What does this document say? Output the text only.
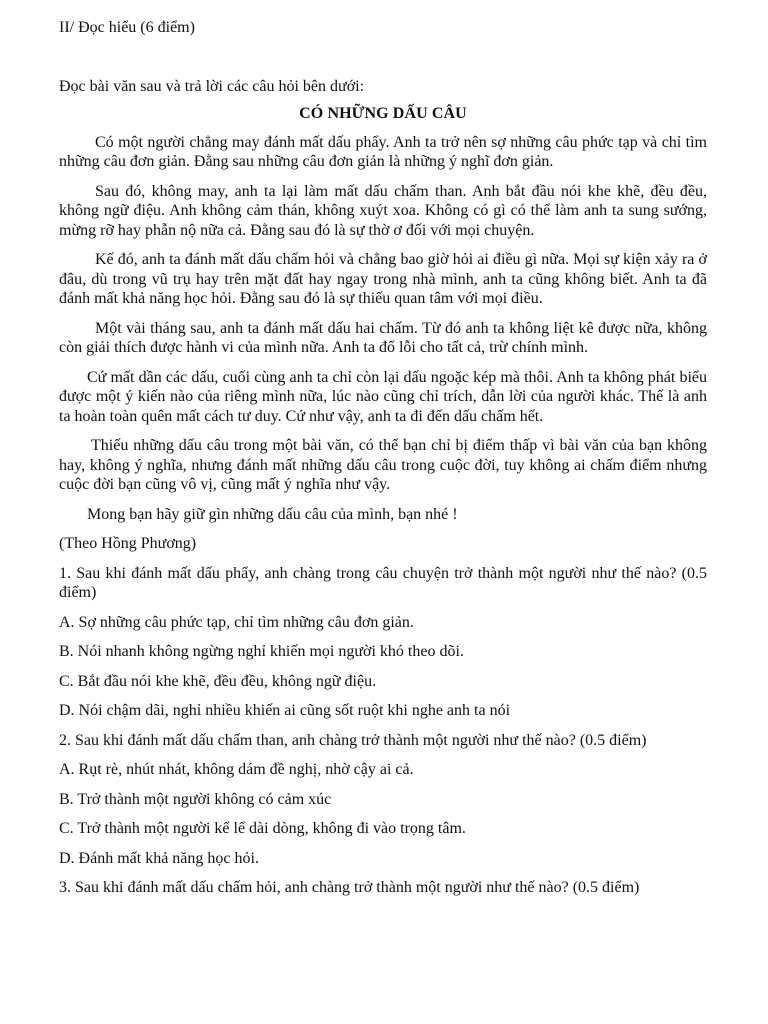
II/ Đọc hiểu (6 điểm)

Đọc bài văn sau và trả lời các câu hỏi bên dưới:

CÓ NHỮNG DẤU CÂU

Có một người chẳng may đánh mất dấu phẩy. Anh ta trở nên sợ những câu phức tạp và chỉ tìm những câu đơn giản. Đằng sau những câu đơn giản là những ý nghĩ đơn giản.

Sau đó, không may, anh ta lại làm mất dấu chấm than. Anh bắt đầu nói khe khẽ, đều đều, không ngữ điệu. Anh không cảm thán, không xuýt xoa. Không có gì có thể làm anh ta sung sướng, mừng rỡ hay phẫn nộ nữa cả. Đằng sau đó là sự thờ ơ đối với mọi chuyện.

Kế đó, anh ta đánh mất dấu chấm hỏi và chẳng bao giờ hỏi ai điều gì nữa. Mọi sự kiện xảy ra ở đâu, dù trong vũ trụ hay trên mặt đất hay ngay trong nhà mình, anh ta cũng không biết. Anh ta đã đánh mất khả năng học hỏi. Đằng sau đó là sự thiếu quan tâm với mọi điều.

Một vài tháng sau, anh ta đánh mất dấu hai chấm. Từ đó anh ta không liệt kê được nữa, không còn giải thích được hành vi của mình nữa. Anh ta đổ lỗi cho tất cả, trừ chính mình.

Cứ mất dần các dấu, cuối cùng anh ta chỉ còn lại dấu ngoặc kép mà thôi. Anh ta không phát biểu được một ý kiến nào của riêng mình nữa, lúc nào cũng chỉ trích, dẫn lời của người khác. Thế là anh ta hoàn toàn quên mất cách tư duy. Cứ như vậy, anh ta đi đến dấu chấm hết.

Thiếu những dấu câu trong một bài văn, có thể bạn chỉ bị điểm thấp vì bài văn của bạn không hay, không ý nghĩa, nhưng đánh mất những dấu câu trong cuộc đời, tuy không ai chấm điểm nhưng cuộc đời bạn cũng vô vị, cũng mất ý nghĩa như vậy.

Mong bạn hãy giữ gìn những dấu câu của mình, bạn nhé !

(Theo Hồng Phương)

1. Sau khi đánh mất dấu phẩy, anh chàng trong câu chuyện trở thành một người như thế nào? (0.5 điểm)

A. Sợ những câu phức tạp, chỉ tìm những câu đơn giản.

B. Nói nhanh không ngừng nghỉ khiến mọi người khó theo dõi.

C. Bắt đầu nói khe khẽ, đều đều, không ngữ điệu.

D. Nói chậm dãi, nghỉ nhiều khiến ai cũng sốt ruột khi nghe anh ta nói

2. Sau khi đánh mất dấu chấm than, anh chàng trở thành một người như thế nào? (0.5 điểm)

A. Rụt rè, nhút nhát, không dám đề nghị, nhờ cậy ai cả.

B. Trở thành một người không có cảm xúc

C. Trở thành một người kể lể dài dòng, không đi vào trọng tâm.

D. Đánh mất khả năng học hỏi.

3. Sau khi đánh mất dấu chấm hỏi, anh chàng trở thành một người như thế nào? (0.5 điểm)
